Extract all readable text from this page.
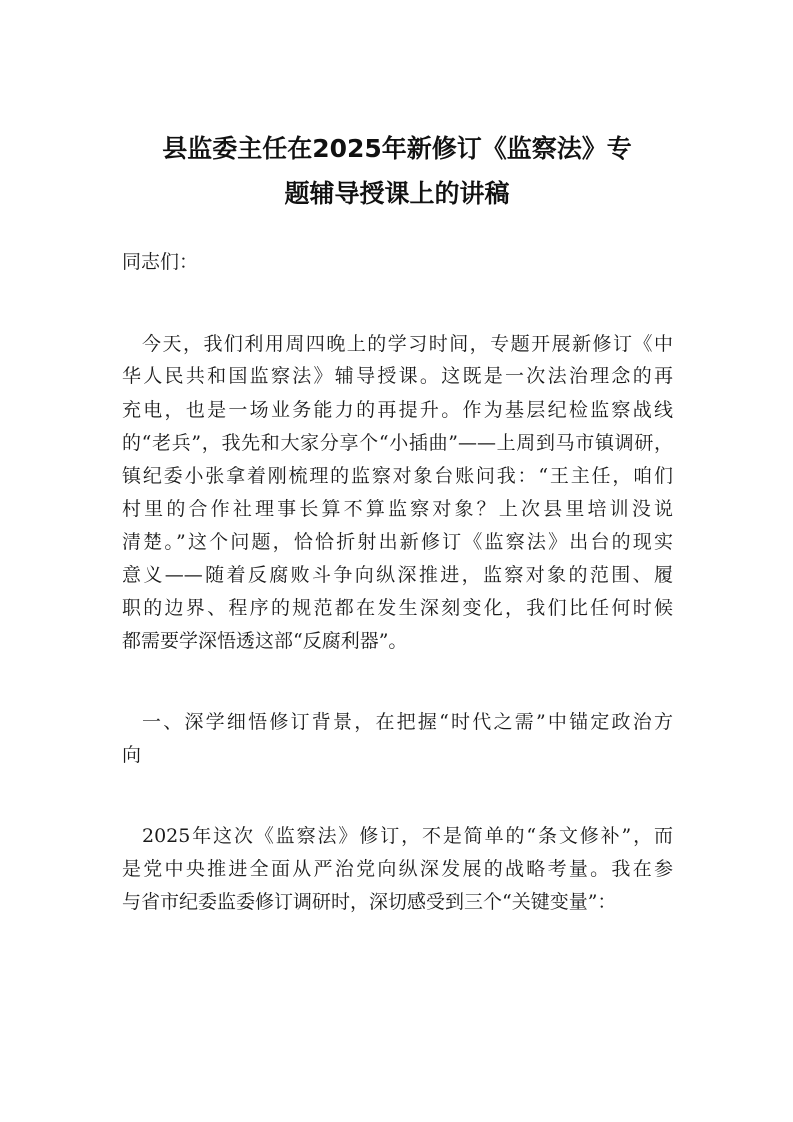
县监委主任在2025年新修订《监察法》专
题辅导授课上的讲稿

同志们：

今天，我们利用周四晚上的学习时间，专题开展新修订《中

华人民共和国监察法》辅导授课。这既是一次法治理念的再

充电，也是一场业务能力的再提升。作为基层纪检监察战线

的“老兵”，我先和大家分享个“小插曲”——上周到马市镇调研，

镇纪委小张拿着刚梳理的监察对象台账问我：“王主任，咱们

村里的合作社理事长算不算监察对象？上次县里培训没说

清楚。”这个问题，恰恰折射出新修订《监察法》出台的现实

意义——随着反腐败斗争向纵深推进，监察对象的范围、履

职的边界、程序的规范都在发生深刻变化，我们比任何时候

都需要学深悟透这部“反腐利器”。

一、深学细悟修订背景，在把握“时代之需”中锚定政治方

向

2025年这次《监察法》修订，不是简单的“条文修补”，而

是党中央推进全面从严治党向纵深发展的战略考量。我在参

与省市纪委监委修订调研时，深切感受到三个“关键变量”：
